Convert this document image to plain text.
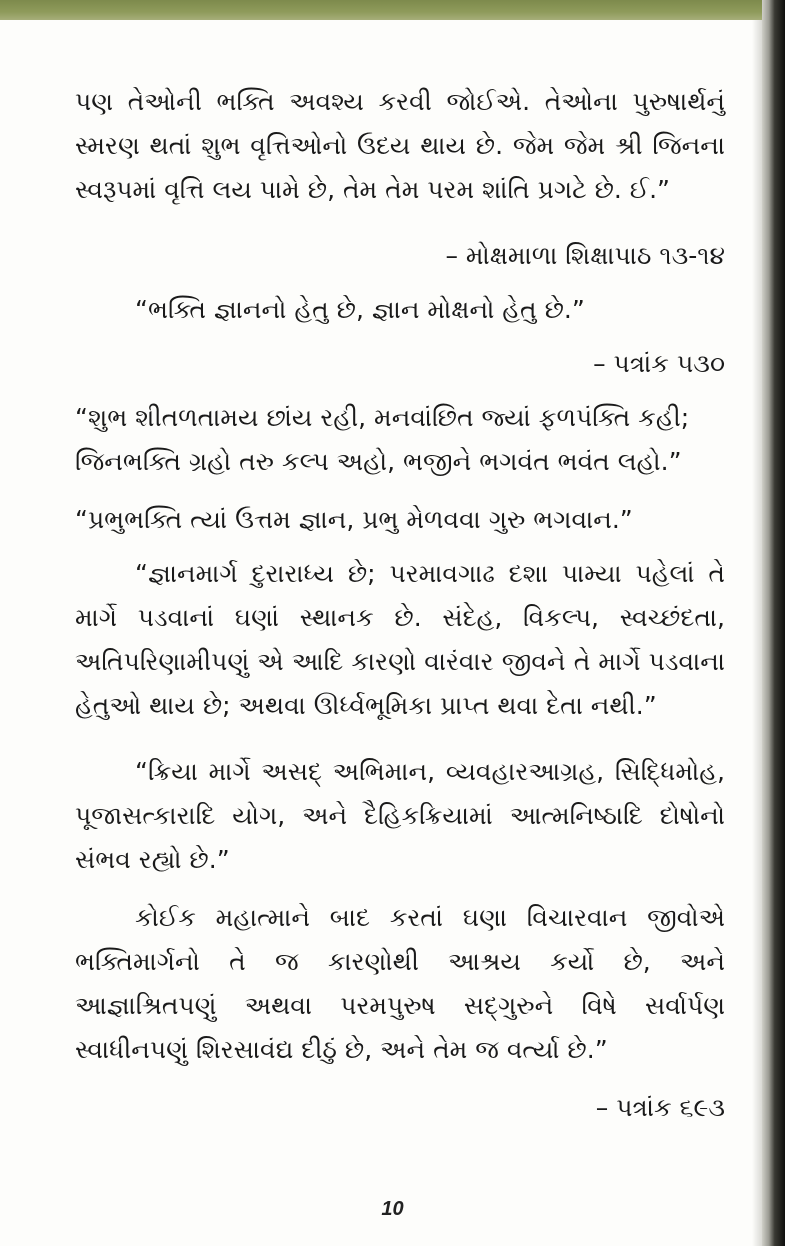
પણ તેઓની ભક્તિ અવશ્ય કરવી જોઈએ. તેઓના પુરુષાર્થનું સ્મરણ થતાં શુભ વૃત્તિઓનો ઉદય થાય છે. જેમ જેમ શ્રી જિનના સ્વરૂપમાં વૃત્તિ લય પામે છે, તેમ તેમ પરમ શાંતિ પ્રગટે છે. ઈ.”

– મોક્ષમાળા શિક્ષાપાઠ ૧૩-૧૪

“ભક્તિ જ્ઞાનનો હેતુ છે, જ્ઞાન મોક્ષનો હેતુ છે.”

– પત્રાંક ૫૩૦

“શુભ શીતળતામય છાંય રહી, મનવાંછિત જ્યાં ફળપંક્તિ કહી;

જિનભક્તિ ગ્રહો તરુ કલ્પ અહો, ભજીને ભગવંત ભવંત લહો.”

“પ્રભુભક્તિ ત્યાં ઉત્તમ જ્ઞાન, પ્રભુ મેળવવા ગુરુ ભગવાન.”

“જ્ઞાનમાર્ગ દુરારાધ્ય છે; પરમાવગાઢ દશા પામ્યા પહેલાં તે માર્ગે પડવાનાં ઘણાં સ્થાનક છે. સંદેહ, વિકલ્પ, સ્વચ્છંદતા, અતિપરિણામીપણું એ આદિ કારણો વારંવાર જીવને તે માર્ગે પડવાના હેતુઓ થાય છે; અથવા ઊર્ધ્વભૂમિકા પ્રાપ્ત થવા દેતા નથી.”

“ક્રિયા માર્ગે અસદ્ અભિમાન, વ્યવહારઆગ્રહ, સિદ્ધિમોહ, પૂજાસત્કારાદિ યોગ, અને દૈહિકક્રિયામાં આત્મનિષ્ઠાદિ દોષોનો સંભવ રહ્યો છે.”

કોઈક મહાત્માને બાદ કરતાં ઘણા વિચારવાન જીવોએ ભક્તિમાર્ગનો તે જ કારણોથી આશ્રય કર્યો છે, અને આજ્ઞાશ્રિતપણું અથવા પરમપુરુષ સદ્ગુરુને વિષે સર્વાર્પણ સ્વાધીનપણું શિરસાવંદ્ય દીઠું છે, અને તેમ જ વર્ત્યા છે.”

– પત્રાંક ૬૯૩

10
